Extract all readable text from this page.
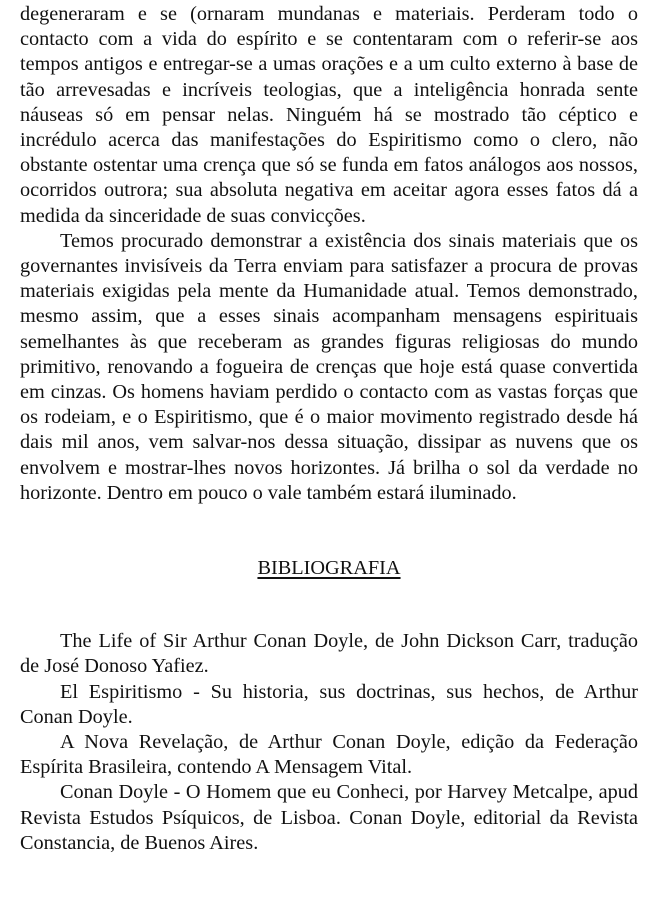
degeneraram e se (ornaram mundanas e materiais. Perderam todo o contacto com a vida do espírito e se contentaram com o referir-se aos tempos antigos e entregar-se a umas orações e a um culto externo à base de tão arrevesadas e incríveis teologias, que a inteligência honrada sente náuseas só em pensar nelas. Ninguém há se mostrado tão céptico e incrédulo acerca das manifestações do Espiritismo como o clero, não obstante ostentar uma crença que só se funda em fatos análogos aos nossos, ocorridos outrora; sua absoluta negativa em aceitar agora esses fatos dá a medida da sinceridade de suas convicções.

Temos procurado demonstrar a existência dos sinais materiais que os governantes invisíveis da Terra enviam para satisfazer a procura de provas materiais exigidas pela mente da Humanidade atual. Temos demonstrado, mesmo assim, que a esses sinais acompanham mensagens espirituais semelhantes às que receberam as grandes figuras religiosas do mundo primitivo, renovando a fogueira de crenças que hoje está quase convertida em cinzas. Os homens haviam perdido o contacto com as vastas forças que os rodeiam, e o Espiritismo, que é o maior movimento registrado desde há dais mil anos, vem salvar-nos dessa situação, dissipar as nuvens que os envolvem e mostrar-lhes novos horizontes. Já brilha o sol da verdade no horizonte. Dentro em pouco o vale também estará iluminado.

BIBLIOGRAFIA

The Life of Sir Arthur Conan Doyle, de John Dickson Carr, tradução de José Donoso Yafiez.

El Espiritismo - Su historia, sus doctrinas, sus hechos, de Arthur Conan Doyle.

A Nova Revelação, de Arthur Conan Doyle, edição da Federação Espírita Brasileira, contendo A Mensagem Vital.

Conan Doyle - O Homem que eu Conheci, por Harvey Metcalpe, apud Revista Estudos Psíquicos, de Lisboa. Conan Doyle, editorial da Revista Constancia, de Buenos Aires.
